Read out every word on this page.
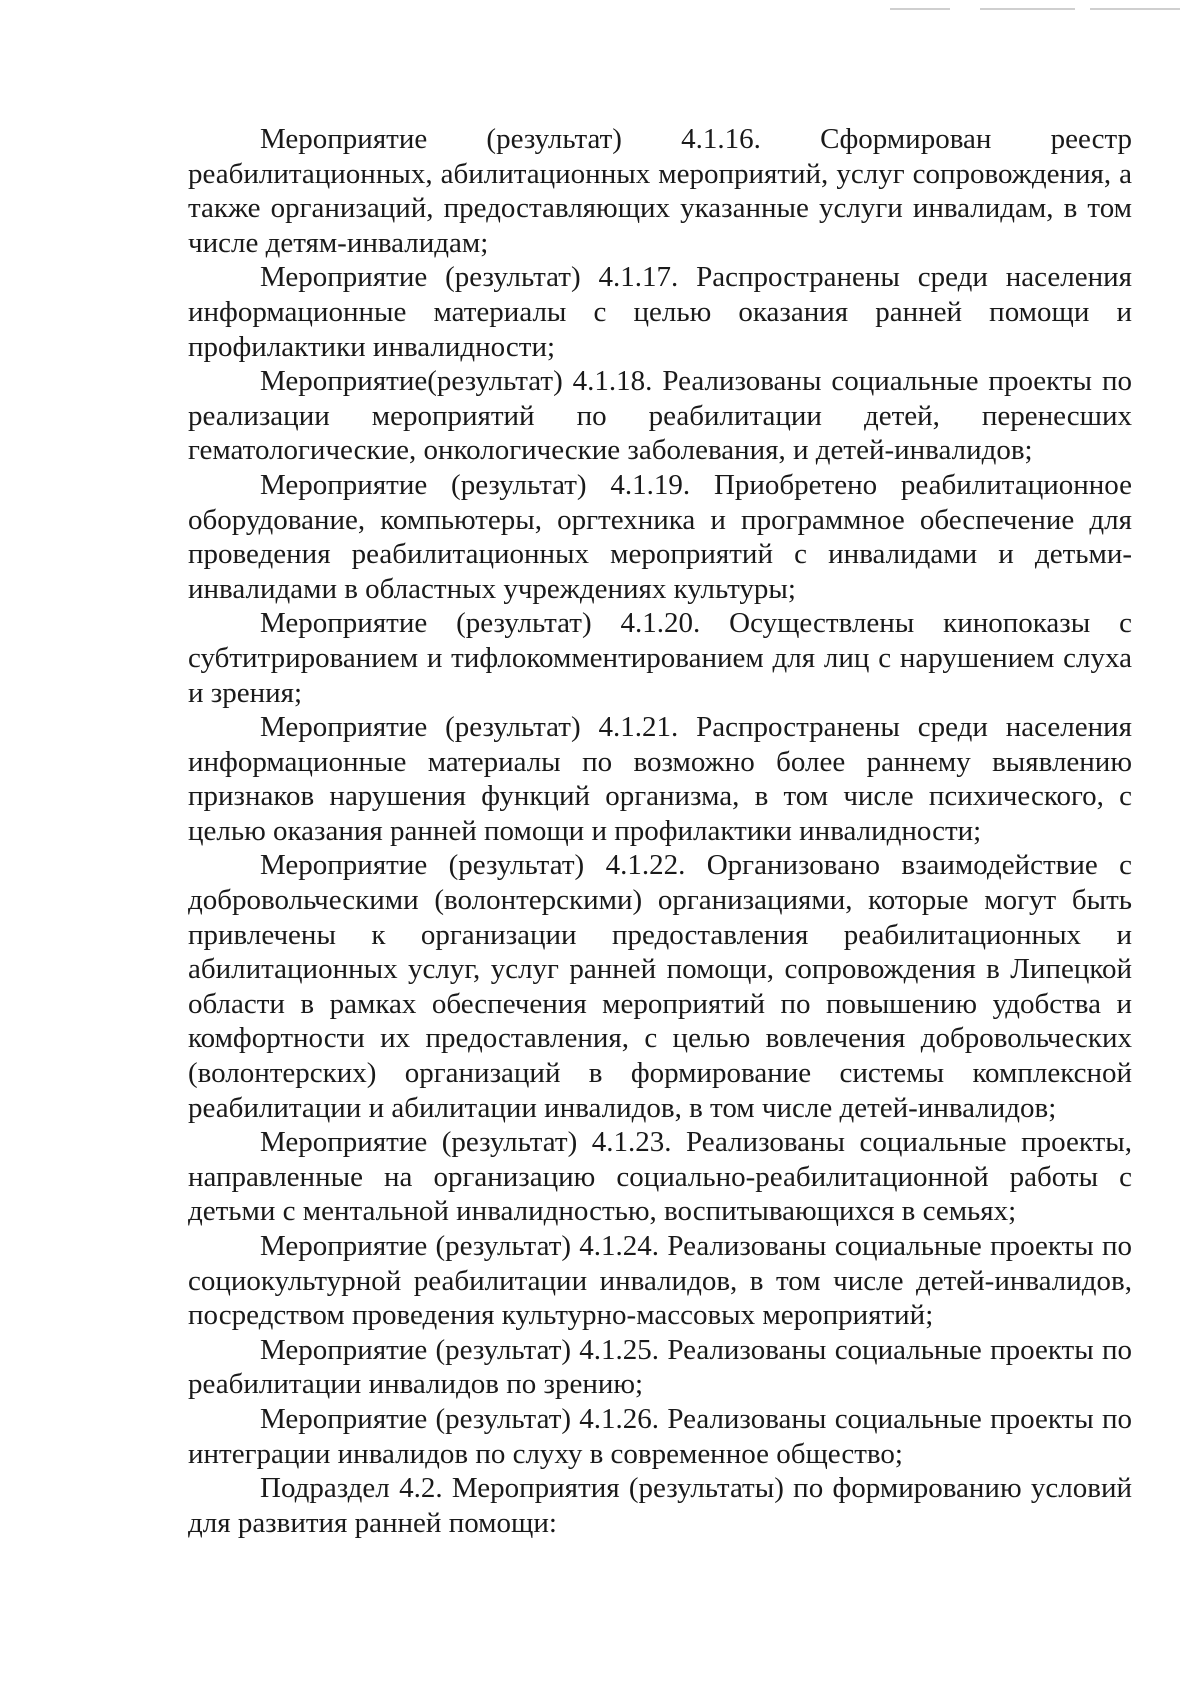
Мероприятие (результат) 4.1.16. Сформирован реестр реабилитационных, абилитационных мероприятий, услуг сопровождения, а также организаций, предоставляющих указанные услуги инвалидам, в том числе детям-инвалидам;

Мероприятие (результат) 4.1.17. Распространены среди населения информационные материалы с целью оказания ранней помощи и профилактики инвалидности;

Мероприятие(результат) 4.1.18. Реализованы социальные проекты по реализации мероприятий по реабилитации детей, перенесших гематологические, онкологические заболевания, и детей-инвалидов;

Мероприятие (результат) 4.1.19. Приобретено реабилитационное оборудование, компьютеры, оргтехника и программное обеспечение для проведения реабилитационных мероприятий с инвалидами и детьми-инвалидами в областных учреждениях культуры;

Мероприятие (результат) 4.1.20. Осуществлены кинопоказы с субтитрированием и тифлокомментированием для лиц с нарушением слуха и зрения;

Мероприятие (результат) 4.1.21. Распространены среди населения информационные материалы по возможно более раннему выявлению признаков нарушения функций организма, в том числе психического, с целью оказания ранней помощи и профилактики инвалидности;

Мероприятие (результат) 4.1.22. Организовано взаимодействие с добровольческими (волонтерскими) организациями, которые могут быть привлечены к организации предоставления реабилитационных и абилитационных услуг, услуг ранней помощи, сопровождения в Липецкой области в рамках обеспечения мероприятий по повышению удобства и комфортности их предоставления, с целью вовлечения добровольческих (волонтерских) организаций в формирование системы комплексной реабилитации и абилитации инвалидов, в том числе детей-инвалидов;

Мероприятие (результат) 4.1.23. Реализованы социальные проекты, направленные на организацию социально-реабилитационной работы с детьми с ментальной инвалидностью, воспитывающихся в семьях;

Мероприятие (результат) 4.1.24. Реализованы социальные проекты по социокультурной реабилитации инвалидов, в том числе детей-инвалидов, посредством проведения культурно-массовых мероприятий;

Мероприятие (результат) 4.1.25. Реализованы социальные проекты по реабилитации инвалидов по зрению;

Мероприятие (результат) 4.1.26. Реализованы социальные проекты по интеграции инвалидов по слуху в современное общество;

Подраздел 4.2. Мероприятия (результаты) по формированию условий для развития ранней помощи:
